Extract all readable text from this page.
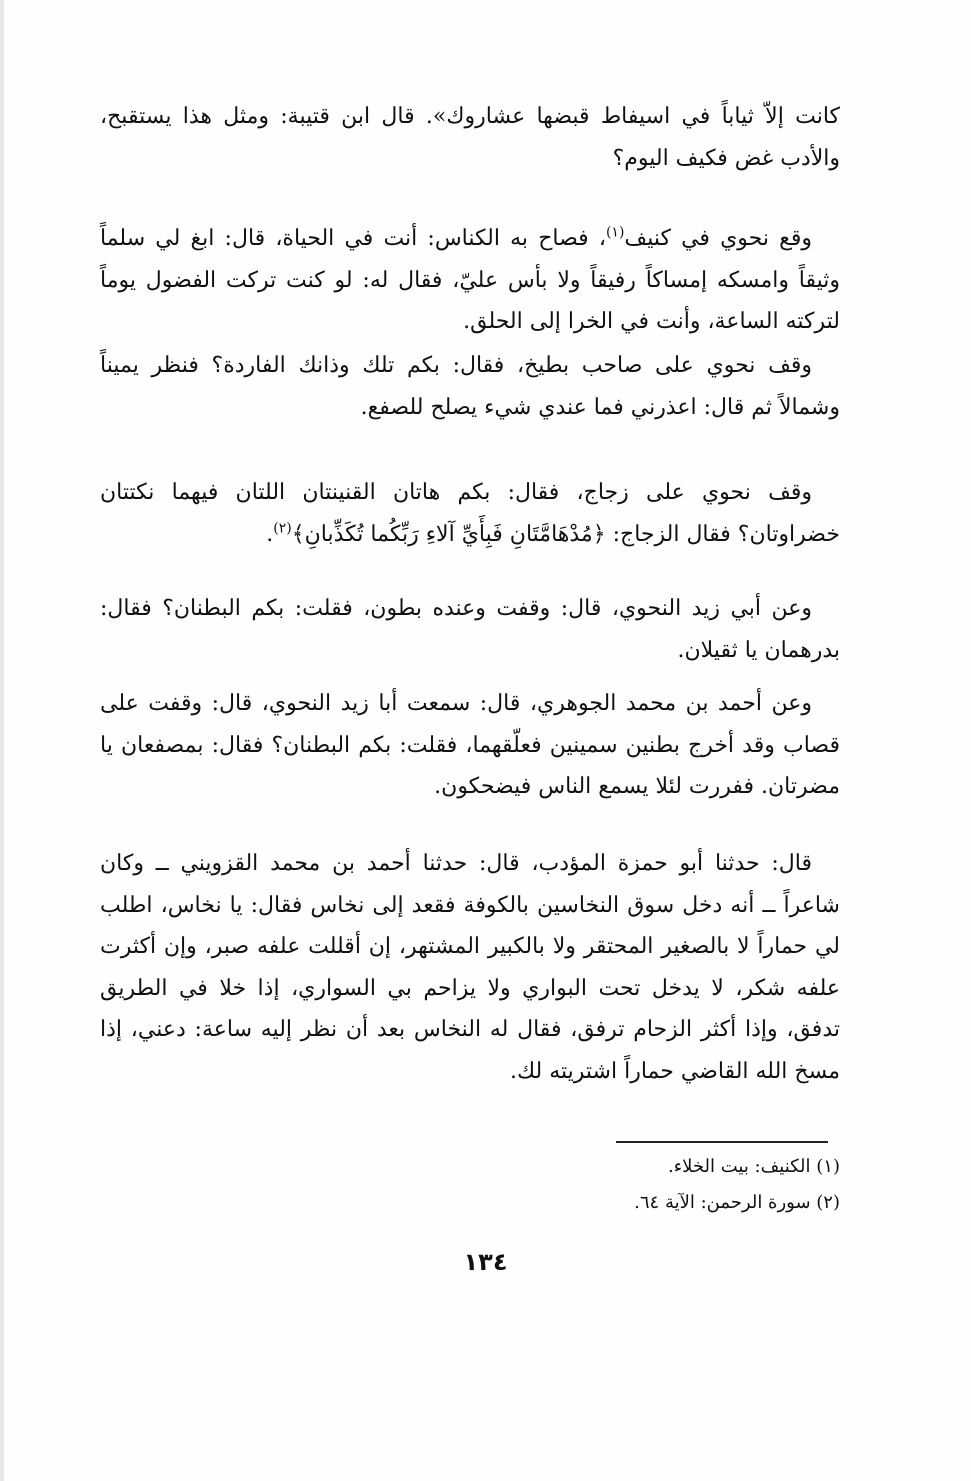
كانت إلاّ ثياباً في اسيفاط قبضها عشاروك». قال ابن قتيبة: ومثل هذا يستقبح، والأدب غض فكيف اليوم؟

وقع نحوي في كنيف$^{(١)}$، فصاح به الكناس: أنت في الحياة، قال: ابغ لي سلماً وثيقاً وامسكه إمساكاً رفيقاً ولا بأس عليّ، فقال له: لو كنت تركت الفضول يوماً لتركته الساعة، وأنت في الخرا إلى الحلق.

وقف نحوي على صاحب بطيخ، فقال: بكم تلك وذانك الفاردة؟ فنظر يميناً وشمالاً ثم قال: اعذرني فما عندي شيء يصلح للصفع.

وقف نحوي على زجاج، فقال: بكم هاتان القنينتان اللتان فيهما نكتتان خضراوتان؟ فقال الزجاج: ﴿مُدْهَامَّتَانِ فَبِأَيِّ آلاءِ رَبِّكُما تُكَذِّبانِ﴾$^{(٢)}$.

وعن أبي زيد النحوي، قال: وقفت وعنده بطون، فقلت: بكم البطنان؟ فقال: بدرهمان يا ثقيلان.

وعن أحمد بن محمد الجوهري، قال: سمعت أبا زيد النحوي، قال: وقفت على قصاب وقد أخرج بطنين سمينين فعلّقهما، فقلت: بكم البطنان؟ فقال: بمصفعان يا مضرتان. ففررت لئلا يسمع الناس فيضحكون.

قال: حدثنا أبو حمزة المؤدب، قال: حدثنا أحمد بن محمد القزويني ــ وكان شاعراً ــ أنه دخل سوق النخاسين بالكوفة فقعد إلى نخاس فقال: يا نخاس، اطلب لي حماراً لا بالصغير المحتقر ولا بالكبير المشتهر، إن أقللت علفه صبر، وإن أكثرت علفه شكر، لا يدخل تحت البواري ولا يزاحم بي السواري، إذا خلا في الطريق تدفق، وإذا أكثر الزحام ترفق، فقال له النخاس بعد أن نظر إليه ساعة: دعني، إذا مسخ الله القاضي حماراً اشتريته لك.

(١) الكنيف: بيت الخلاء.

(٢) سورة الرحمن: الآية ٦٤.

١٣٤
